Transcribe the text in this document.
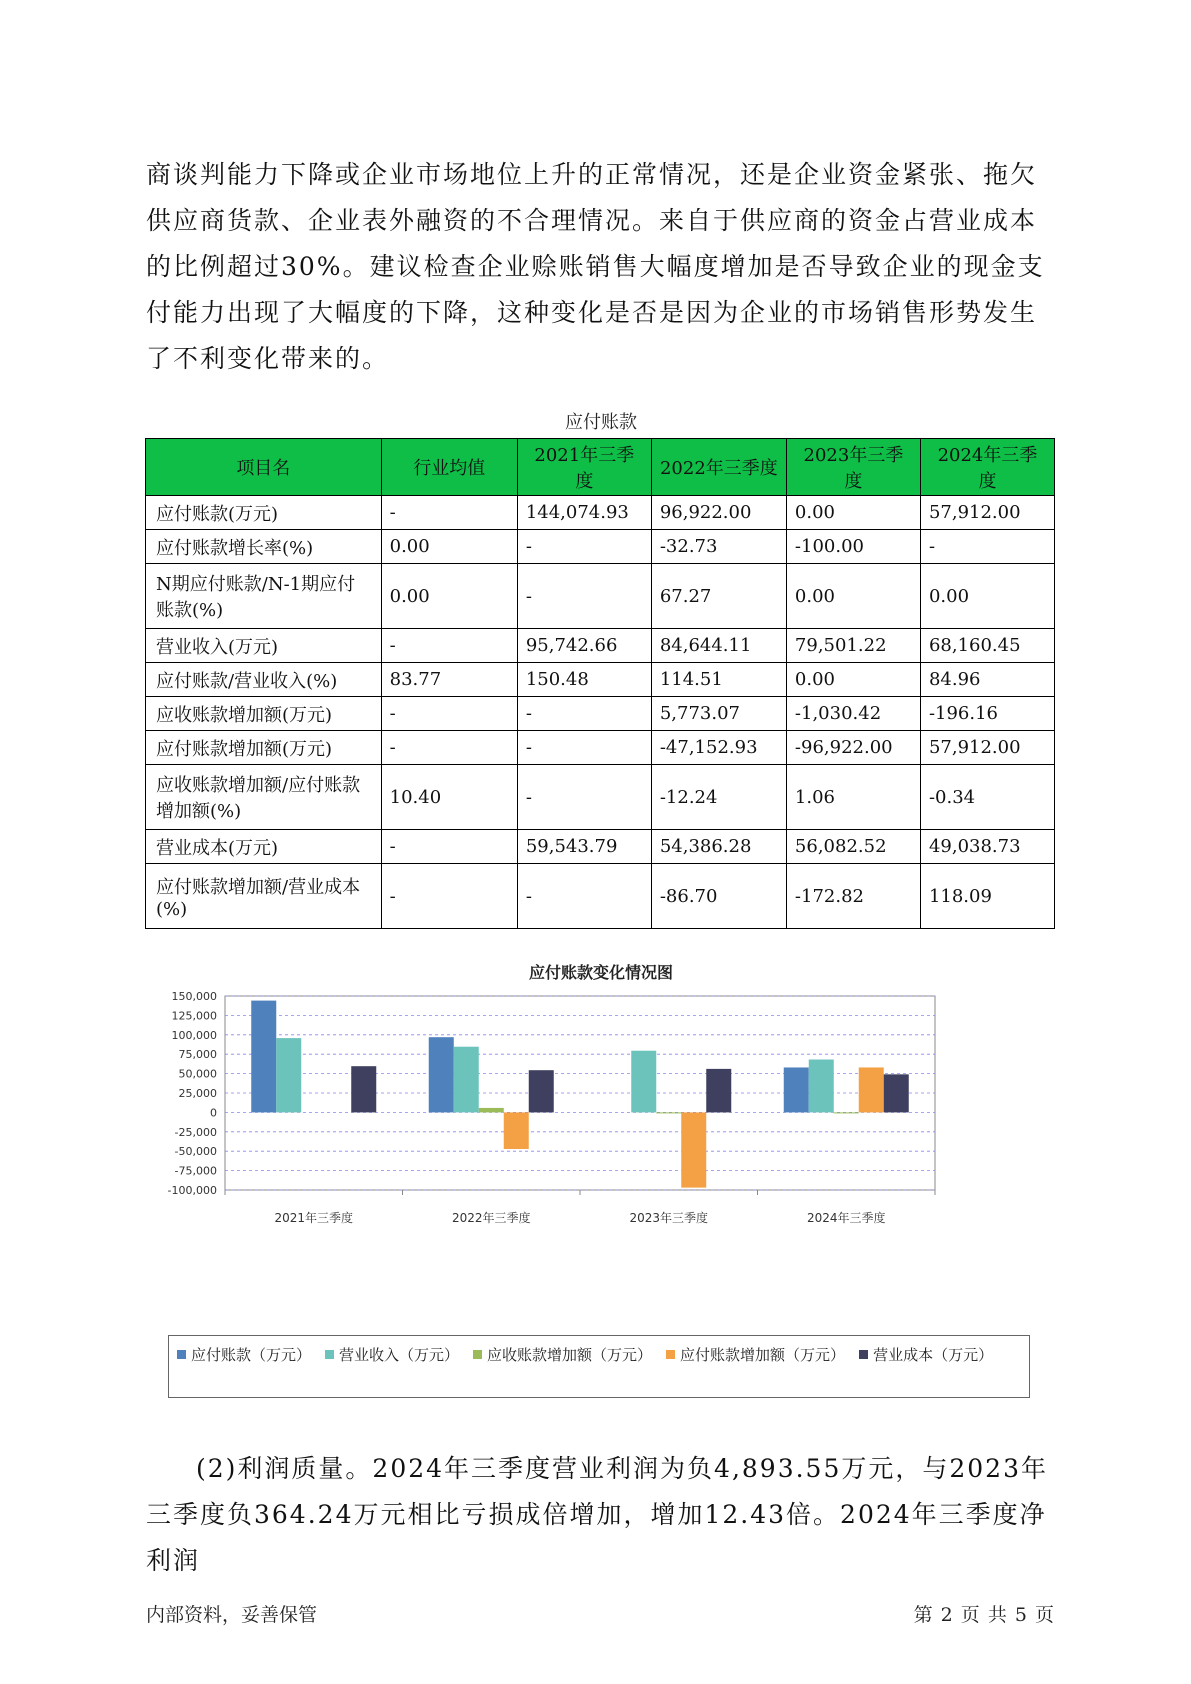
商谈判能力下降或企业市场地位上升的正常情况，还是企业资金紧张、拖欠供应商货款、企业表外融资的不合理情况。来自于供应商的资金占营业成本的比例超过30%。建议检查企业赊账销售大幅度增加是否导致企业的现金支付能力出现了大幅度的下降，这种变化是否是因为企业的市场销售形势发生了不利变化带来的。

应付账款
项目名	行业均值	2021年三季度	2022年三季度	2023年三季度	2024年三季度
应付账款(万元)	-	144,074.93	96,922.00	0.00	57,912.00
应付账款增长率(%)	0.00	-	-32.73	-100.00	-
N期应付账款/N-1期应付账款(%)	0.00	-	67.27	0.00	0.00
营业收入(万元)	-	95,742.66	84,644.11	79,501.22	68,160.45
应付账款/营业收入(%)	83.77	150.48	114.51	0.00	84.96
应收账款增加额(万元)	-	-	5,773.07	-1,030.42	-196.16
应付账款增加额(万元)	-	-	-47,152.93	-96,922.00	57,912.00
应收账款增加额/应付账款增加额(%)	10.40	-	-12.24	1.06	-0.34
营业成本(万元)	-	59,543.79	54,386.28	56,082.52	49,038.73
应付账款增加额/营业成本(%)	-	-	-86.70	-172.82	118.09
应付账款变化情况图
150,000
125,000
100,000
75,000
50,000
25,000
0
-25,000
-50,000
-75,000
-100,000
2021年三季度	2022年三季度	2023年三季度	2024年三季度
应付账款（万元） 营业收入（万元） 应收账款增加额（万元） 应付账款增加额（万元） 营业成本（万元）

(2)利润质量。2024年三季度营业利润为负4,893.55万元，与2023年三季度负364.24万元相比亏损成倍增加，增加12.43倍。2024年三季度净利润

内部资料，妥善保管	第 2 页 共 5 页
